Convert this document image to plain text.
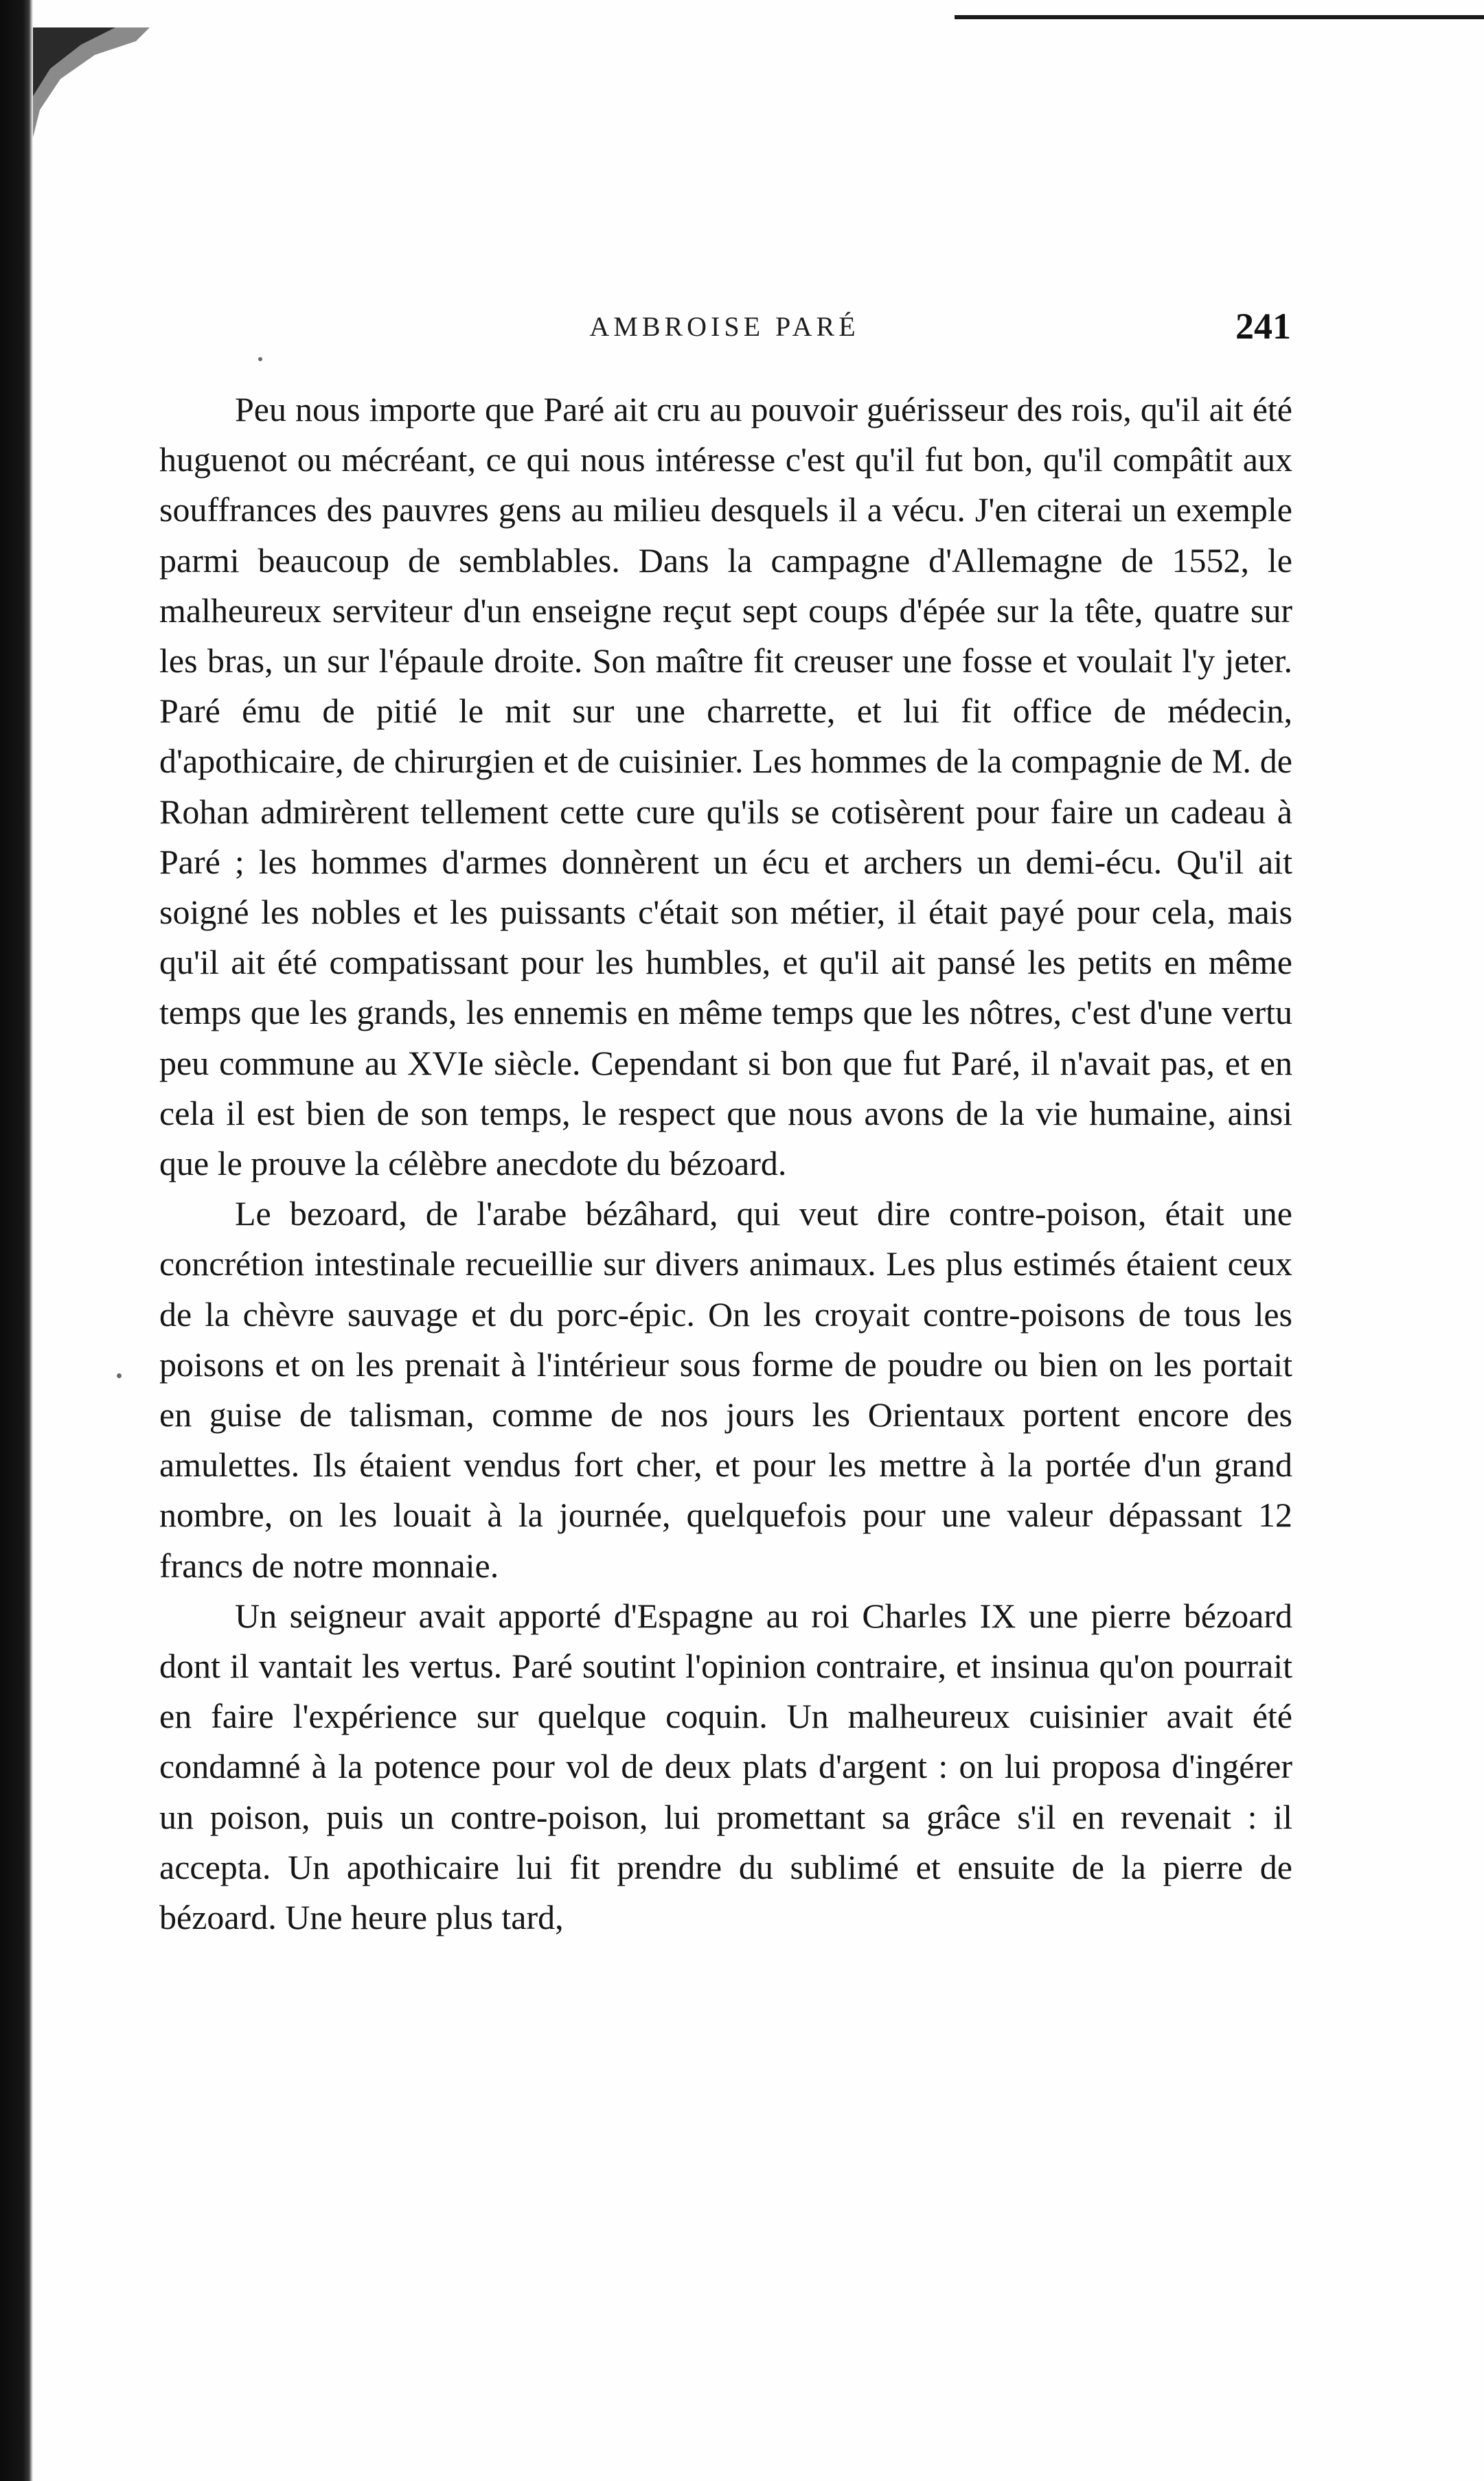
AMBROISE PARÉ	241

Peu nous importe que Paré ait cru au pouvoir guérisseur des rois, qu'il ait été huguenot ou mécréant, ce qui nous intéresse c'est qu'il fut bon, qu'il compâtit aux souffrances des pauvres gens au milieu desquels il a vécu. J'en citerai un exemple parmi beaucoup de semblables. Dans la campagne d'Allemagne de 1552, le malheureux serviteur d'un enseigne reçut sept coups d'épée sur la tête, quatre sur les bras, un sur l'épaule droite. Son maître fit creuser une fosse et voulait l'y jeter. Paré ému de pitié le mit sur une charrette, et lui fit office de médecin, d'apothicaire, de chirurgien et de cuisinier. Les hommes de la compagnie de M. de Rohan admirèrent tellement cette cure qu'ils se cotisèrent pour faire un cadeau à Paré ; les hommes d'armes donnèrent un écu et archers un demi-écu. Qu'il ait soigné les nobles et les puissants c'était son métier, il était payé pour cela, mais qu'il ait été compatissant pour les humbles, et qu'il ait pansé les petits en même temps que les grands, les ennemis en même temps que les nôtres, c'est d'une vertu peu commune au XVIe siècle. Cependant si bon que fut Paré, il n'avait pas, et en cela il est bien de son temps, le respect que nous avons de la vie humaine, ainsi que le prouve la célèbre anecdote du bézoard.

Le bezoard, de l'arabe bézâhard, qui veut dire contre-poison, était une concrétion intestinale recueillie sur divers animaux. Les plus estimés étaient ceux de la chèvre sauvage et du porc-épic. On les croyait contre-poisons de tous les poisons et on les prenait à l'intérieur sous forme de poudre ou bien on les portait en guise de talisman, comme de nos jours les Orientaux portent encore des amulettes. Ils étaient vendus fort cher, et pour les mettre à la portée d'un grand nombre, on les louait à la journée, quelquefois pour une valeur dépassant 12 francs de notre monnaie.

Un seigneur avait apporté d'Espagne au roi Charles IX une pierre bézoard dont il vantait les vertus. Paré soutint l'opinion contraire, et insinua qu'on pourrait en faire l'expérience sur quelque coquin. Un malheureux cuisinier avait été condamné à la potence pour vol de deux plats d'argent : on lui proposa d'ingérer un poison, puis un contre-poison, lui promettant sa grâce s'il en revenait : il accepta. Un apothicaire lui fit prendre du sublimé et ensuite de la pierre de bézoard. Une heure plus tard,
